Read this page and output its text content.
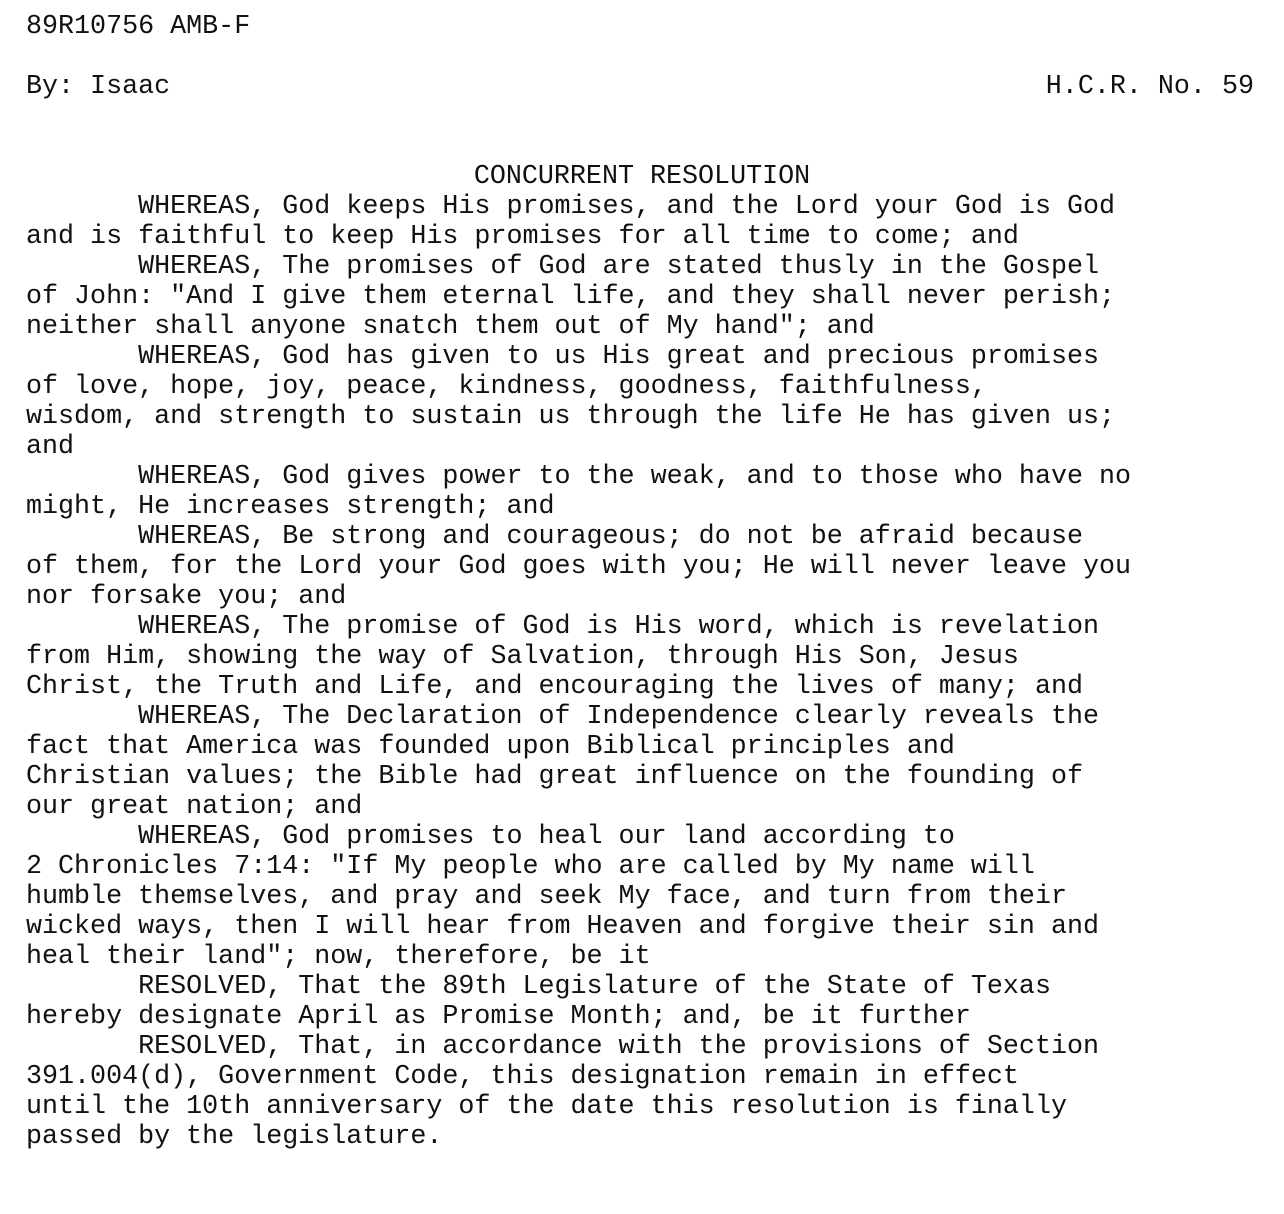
89R10756 AMB-F
By: Isaac	H.C.R. No. 59
CONCURRENT RESOLUTION
WHEREAS, God keeps His promises, and the Lord your God is God
and is faithful to keep His promises for all time to come; and
WHEREAS, The promises of God are stated thusly in the Gospel
of John: "And I give them eternal life, and they shall never perish;
neither shall anyone snatch them out of My hand"; and
WHEREAS, God has given to us His great and precious promises
of love, hope, joy, peace, kindness, goodness, faithfulness,
wisdom, and strength to sustain us through the life He has given us;
and
WHEREAS, God gives power to the weak, and to those who have no
might, He increases strength; and
WHEREAS, Be strong and courageous; do not be afraid because
of them, for the Lord your God goes with you; He will never leave you
nor forsake you; and
WHEREAS, The promise of God is His word, which is revelation
from Him, showing the way of Salvation, through His Son, Jesus
Christ, the Truth and Life, and encouraging the lives of many; and
WHEREAS, The Declaration of Independence clearly reveals the
fact that America was founded upon Biblical principles and
Christian values; the Bible had great influence on the founding of
our great nation; and
WHEREAS, God promises to heal our land according to
2 Chronicles 7:14: "If My people who are called by My name will
humble themselves, and pray and seek My face, and turn from their
wicked ways, then I will hear from Heaven and forgive their sin and
heal their land"; now, therefore, be it
RESOLVED, That the 89th Legislature of the State of Texas
hereby designate April as Promise Month; and, be it further
RESOLVED, That, in accordance with the provisions of Section
391.004(d), Government Code, this designation remain in effect
until the 10th anniversary of the date this resolution is finally
passed by the legislature.
